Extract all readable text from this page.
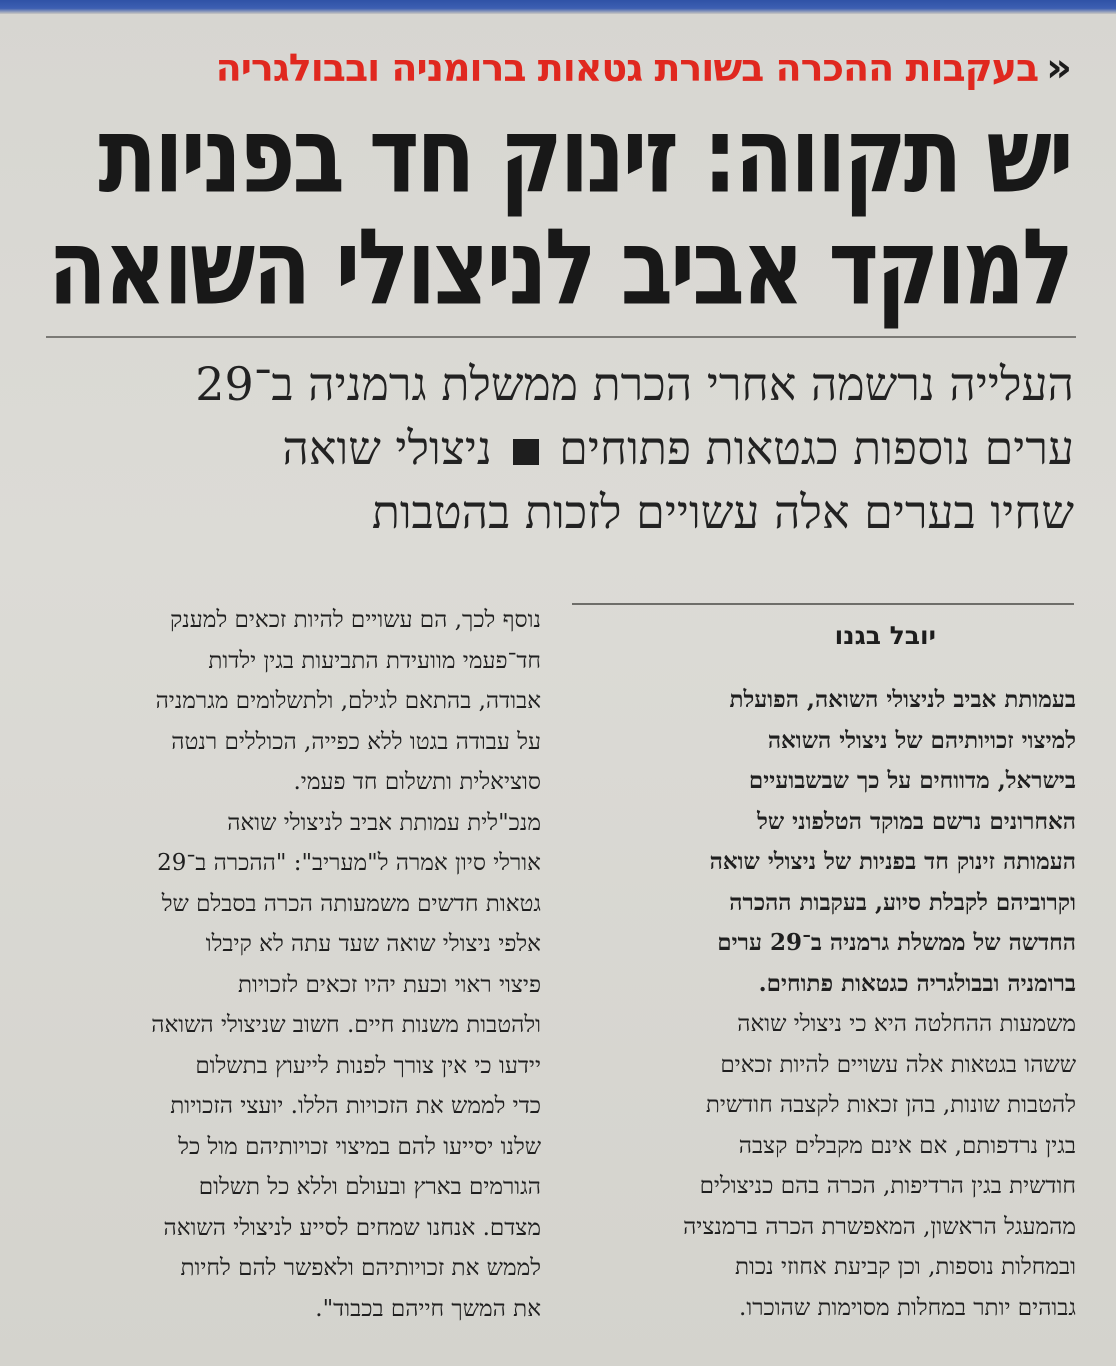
«בעקבות ההכרה בשורת גטאות ברומניה ובבולגריה
יש תקווה: זינוק חד בפניות
למוקד אביב לניצולי השואה
העלייה נרשמה אחרי הכרת ממשלת גרמניה ב־29
ערים נוספות כגטאות פתוחים  ניצולי שואה
שחיו בערים אלה עשויים לזכות בהטבות
יובל בגנו
בעמותת אביב לניצולי השואה, הפועלת
למיצוי זכויותיהם של ניצולי השואה
בישראל, מדווחים על כך שבשבועיים
האחרונים נרשם במוקד הטלפוני של
העמותה זינוק חד בפניות של ניצולי שואה
וקרוביהם לקבלת סיוע, בעקבות ההכרה
החדשה של ממשלת גרמניה ב־29 ערים
ברומניה ובבולגריה כגטאות פתוחים.
משמעות ההחלטה היא כי ניצולי שואה
ששהו בגטאות אלה עשויים להיות זכאים
להטבות שונות, בהן זכאות לקצבה חודשית
בגין נרדפותם, אם אינם מקבלים קצבה
חודשית בגין הרדיפות, הכרה בהם כניצולים
מהמעגל הראשון, המאפשרת הכרה ברמנציה
ובמחלות נוספות, וכן קביעת אחוזי נכות
גבוהים יותר במחלות מסוימות שהוכרו.
נוסף לכך, הם עשויים להיות זכאים למענק
חד־פעמי מוועידת התביעות בגין ילדות
אבודה, בהתאם לגילם, ולתשלומים מגרמניה
על עבודה בגטו ללא כפייה, הכוללים רנטה
סוציאלית ותשלום חד פעמי.
מנכ"לית עמותת אביב לניצולי שואה
אורלי סיון אמרה ל"מעריב": "ההכרה ב־29
גטאות חדשים משמעותה הכרה בסבלם של
אלפי ניצולי שואה שעד עתה לא קיבלו
פיצוי ראוי וכעת יהיו זכאים לזכויות
ולהטבות משנות חיים. חשוב שניצולי השואה
יידעו כי אין צורך לפנות לייעוץ בתשלום
כדי לממש את הזכויות הללו. יועצי הזכויות
שלנו יסייעו להם במיצוי זכויותיהם מול כל
הגורמים בארץ ובעולם וללא כל תשלום
מצדם. אנחנו שמחים לסייע לניצולי השואה
לממש את זכויותיהם ולאפשר להם לחיות
את המשך חייהם בכבוד".
